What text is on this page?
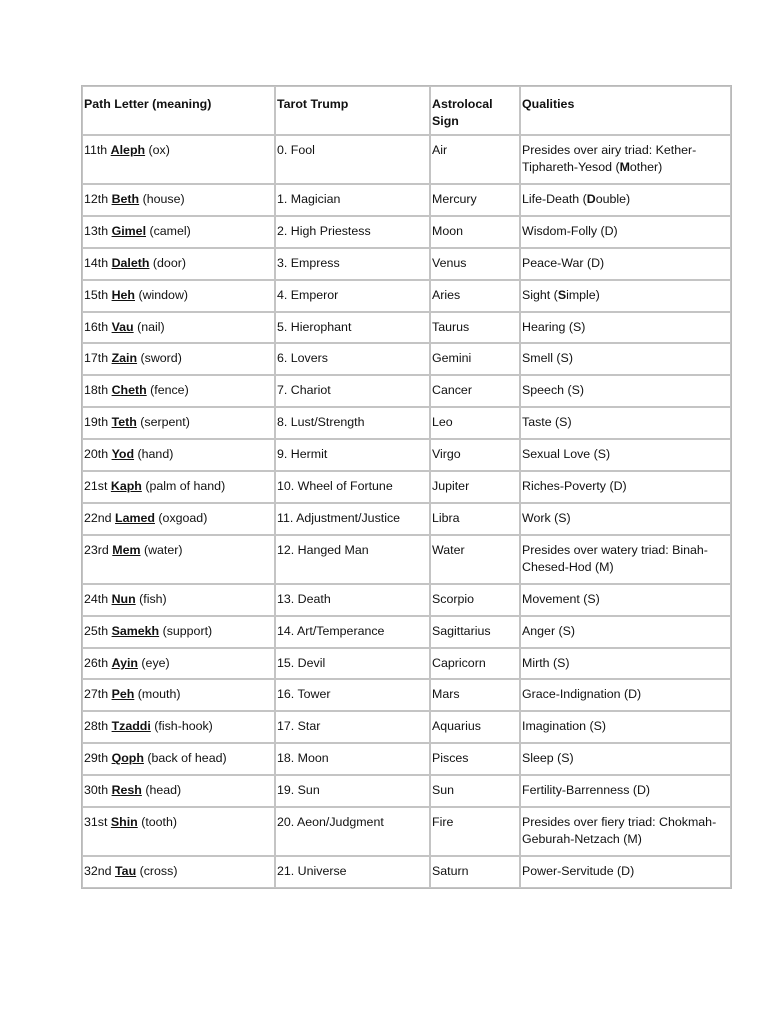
Path Letter (meaning)	Tarot Trump	Astrolocal Sign	Qualities
11th Aleph (ox)	0. Fool	Air	Presides over airy triad: Kether-Tiphareth-Yesod (Mother)
12th Beth (house)	1. Magician	Mercury	Life-Death (Double)
13th Gimel (camel)	2. High Priestess	Moon	Wisdom-Folly (D)
14th Daleth (door)	3. Empress	Venus	Peace-War (D)
15th Heh (window)	4. Emperor	Aries	Sight (Simple)
16th Vau (nail)	5. Hierophant	Taurus	Hearing (S)
17th Zain (sword)	6. Lovers	Gemini	Smell (S)
18th Cheth (fence)	7. Chariot	Cancer	Speech (S)
19th Teth (serpent)	8. Lust/Strength	Leo	Taste (S)
20th Yod (hand)	9. Hermit	Virgo	Sexual Love (S)
21st Kaph (palm of hand)	10. Wheel of Fortune	Jupiter	Riches-Poverty (D)
22nd Lamed (oxgoad)	11. Adjustment/Justice	Libra	Work (S)
23rd Mem (water)	12. Hanged Man	Water	Presides over watery triad: Binah-Chesed-Hod (M)
24th Nun (fish)	13. Death	Scorpio	Movement (S)
25th Samekh (support)	14. Art/Temperance	Sagittarius	Anger (S)
26th Ayin (eye)	15. Devil	Capricorn	Mirth (S)
27th Peh (mouth)	16. Tower	Mars	Grace-Indignation (D)
28th Tzaddi (fish-hook)	17. Star	Aquarius	Imagination (S)
29th Qoph (back of head)	18. Moon	Pisces	Sleep (S)
30th Resh (head)	19. Sun	Sun	Fertility-Barrenness (D)
31st Shin (tooth)	20. Aeon/Judgment	Fire	Presides over fiery triad: Chokmah-Geburah-Netzach (M)
32nd Tau (cross)	21. Universe	Saturn	Power-Servitude (D)
